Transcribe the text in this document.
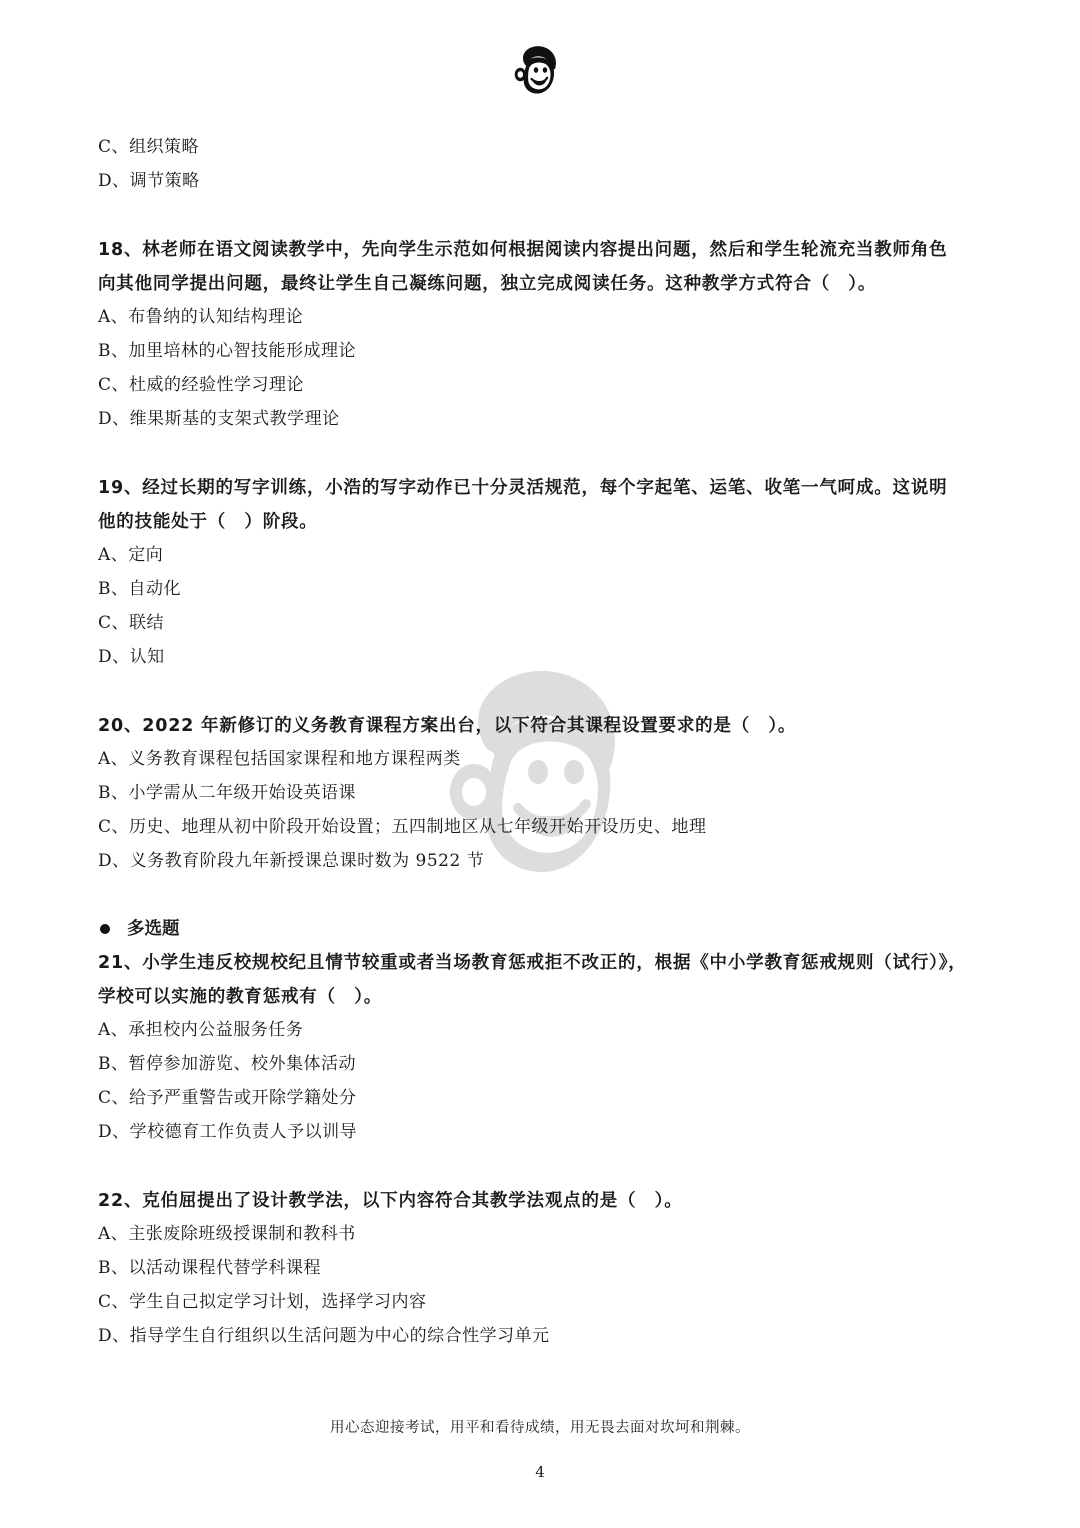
C、组织策略
D、调节策略
18、林老师在语文阅读教学中，先向学生示范如何根据阅读内容提出问题，然后和学生轮流充当教师角色
向其他同学提出问题，最终让学生自己凝练问题，独立完成阅读任务。这种教学方式符合（　）。
A、布鲁纳的认知结构理论
B、加里培林的心智技能形成理论
C、杜威的经验性学习理论
D、维果斯基的支架式教学理论
19、经过长期的写字训练，小浩的写字动作已十分灵活规范，每个字起笔、运笔、收笔一气呵成。这说明
他的技能处于（　）阶段。
A、定向
B、自动化
C、联结
D、认知
20、2022 年新修订的义务教育课程方案出台，以下符合其课程设置要求的是（　）。
A、义务教育课程包括国家课程和地方课程两类
B、小学需从二年级开始设英语课
C、历史、地理从初中阶段开始设置；五四制地区从七年级开始开设历史、地理
D、义务教育阶段九年新授课总课时数为 9522 节
多选题
21、小学生违反校规校纪且情节较重或者当场教育惩戒拒不改正的，根据《中小学教育惩戒规则（试行）》，
学校可以实施的教育惩戒有（　）。
A、承担校内公益服务任务
B、暂停参加游览、校外集体活动
C、给予严重警告或开除学籍处分
D、学校德育工作负责人予以训导
22、克伯屈提出了设计教学法，以下内容符合其教学法观点的是（　）。
A、主张废除班级授课制和教科书
B、以活动课程代替学科课程
C、学生自己拟定学习计划，选择学习内容
D、指导学生自行组织以生活问题为中心的综合性学习单元
用心态迎接考试，用平和看待成绩，用无畏去面对坎坷和荆棘。
4
